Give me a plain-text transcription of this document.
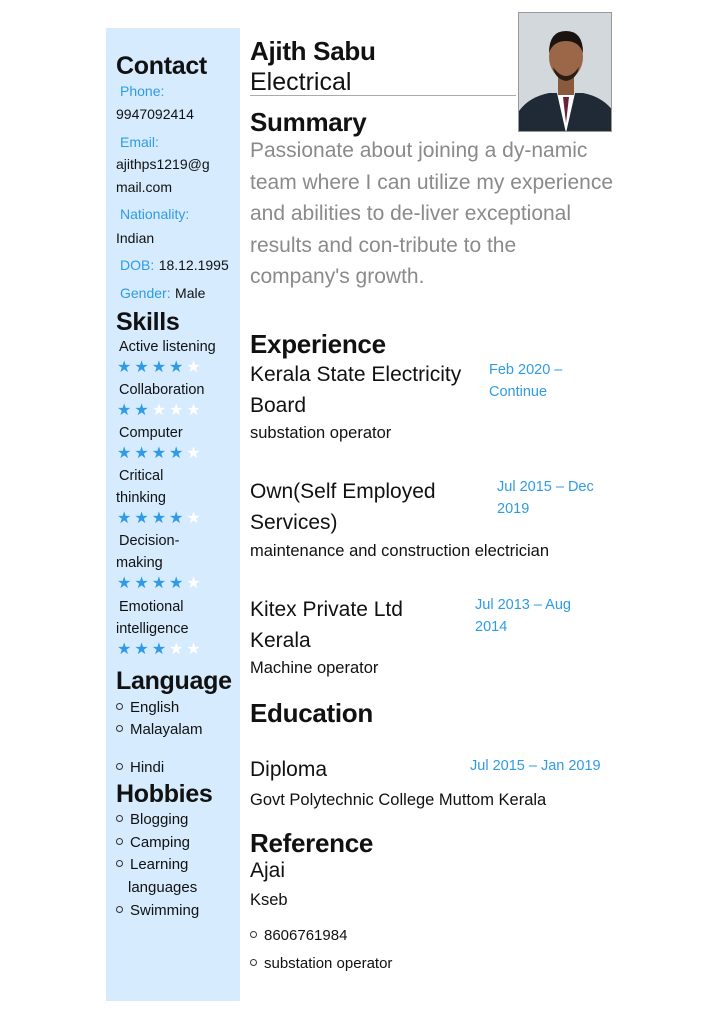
Contact
Phone:
9947092414
Email:
ajithps1219@g
mail.com
Nationality:
Indian
DOB: 18.12.1995
Gender: Male
Skills
Active listening
★★★★★
Collaboration
★★★★★
Computer
★★★★★
Critical
thinking
★★★★★
Decision-
making
★★★★★
Emotional
intelligence
★★★★★
Language
English
Malayalam
Hindi
Hobbies
Blogging
Camping
Learning
languages
Swimming
Ajith Sabu
Electrical
Summary
Passionate about joining a dy-namic team where I can utilize my experience and abilities to de-liver exceptional results and con-tribute to the company's growth.
Experience
Kerala State Electricity Board
Feb 2020 – Continue
substation operator
Own(Self Employed Services)
Jul 2015 – Dec 2019
maintenance and construction electrician
Kitex Private Ltd Kerala
Jul 2013 – Aug 2014
Machine operator
Education
Diploma	Jul 2015 – Jan 2019
Govt Polytechnic College Muttom Kerala
Reference
Ajai
Kseb
8606761984
substation operator
